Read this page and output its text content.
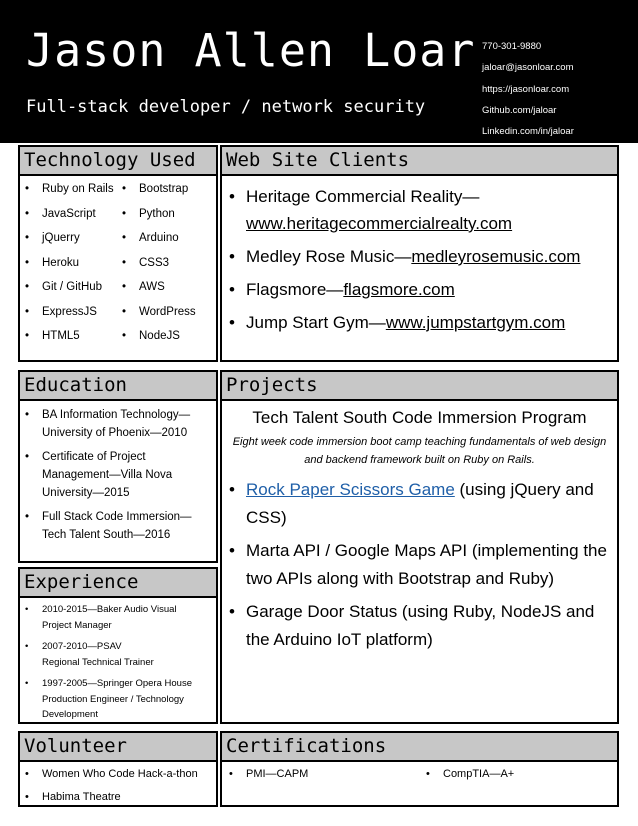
Jason Allen Loar
Full-stack developer / network security
770-301-9880
jaloar@jasonloar.com
https://jasonloar.com
Github.com/jaloar
Linkedin.com/in/jaloar
Technology Used
• Ruby on Rails
• JavaScript
• jQuerry
• Heroku
• Git / GitHub
• ExpressJS
• HTML5
• Bootstrap
• Python
• Arduino
• CSS3
• AWS
• WordPress
• NodeJS
Web Site Clients
• Heritage Commercial Reality—www.heritagecommercialrealty.com
• Medley Rose Music—medleyrosemusic.com
• Flagsmore—flagsmore.com
• Jump Start Gym—www.jumpstartgym.com
Education
• BA Information Technology—University of Phoenix—2010
• Certificate of Project Management—Villa Nova University—2015
• Full Stack Code Immersion—Tech Talent South—2016
Projects
Tech Talent South Code Immersion Program
Eight week code immersion boot camp teaching fundamentals of web design and backend framework built on Ruby on Rails.
• Rock Paper Scissors Game (using jQuery and CSS)
• Marta API / Google Maps API (implementing the two APIs along with Bootstrap and Ruby)
• Garage Door Status (using Ruby, NodeJS and the Arduino IoT platform)
Experience
• 2010-2015—Baker Audio Visual
Project Manager
• 2007-2010—PSAV
Regional Technical Trainer
• 1997-2005—Springer Opera House
Production Engineer / Technology Development
Volunteer
• Women Who Code Hack-a-thon
• Habima Theatre
Certifications
• PMI—CAPM
•	CompTIA—A+
